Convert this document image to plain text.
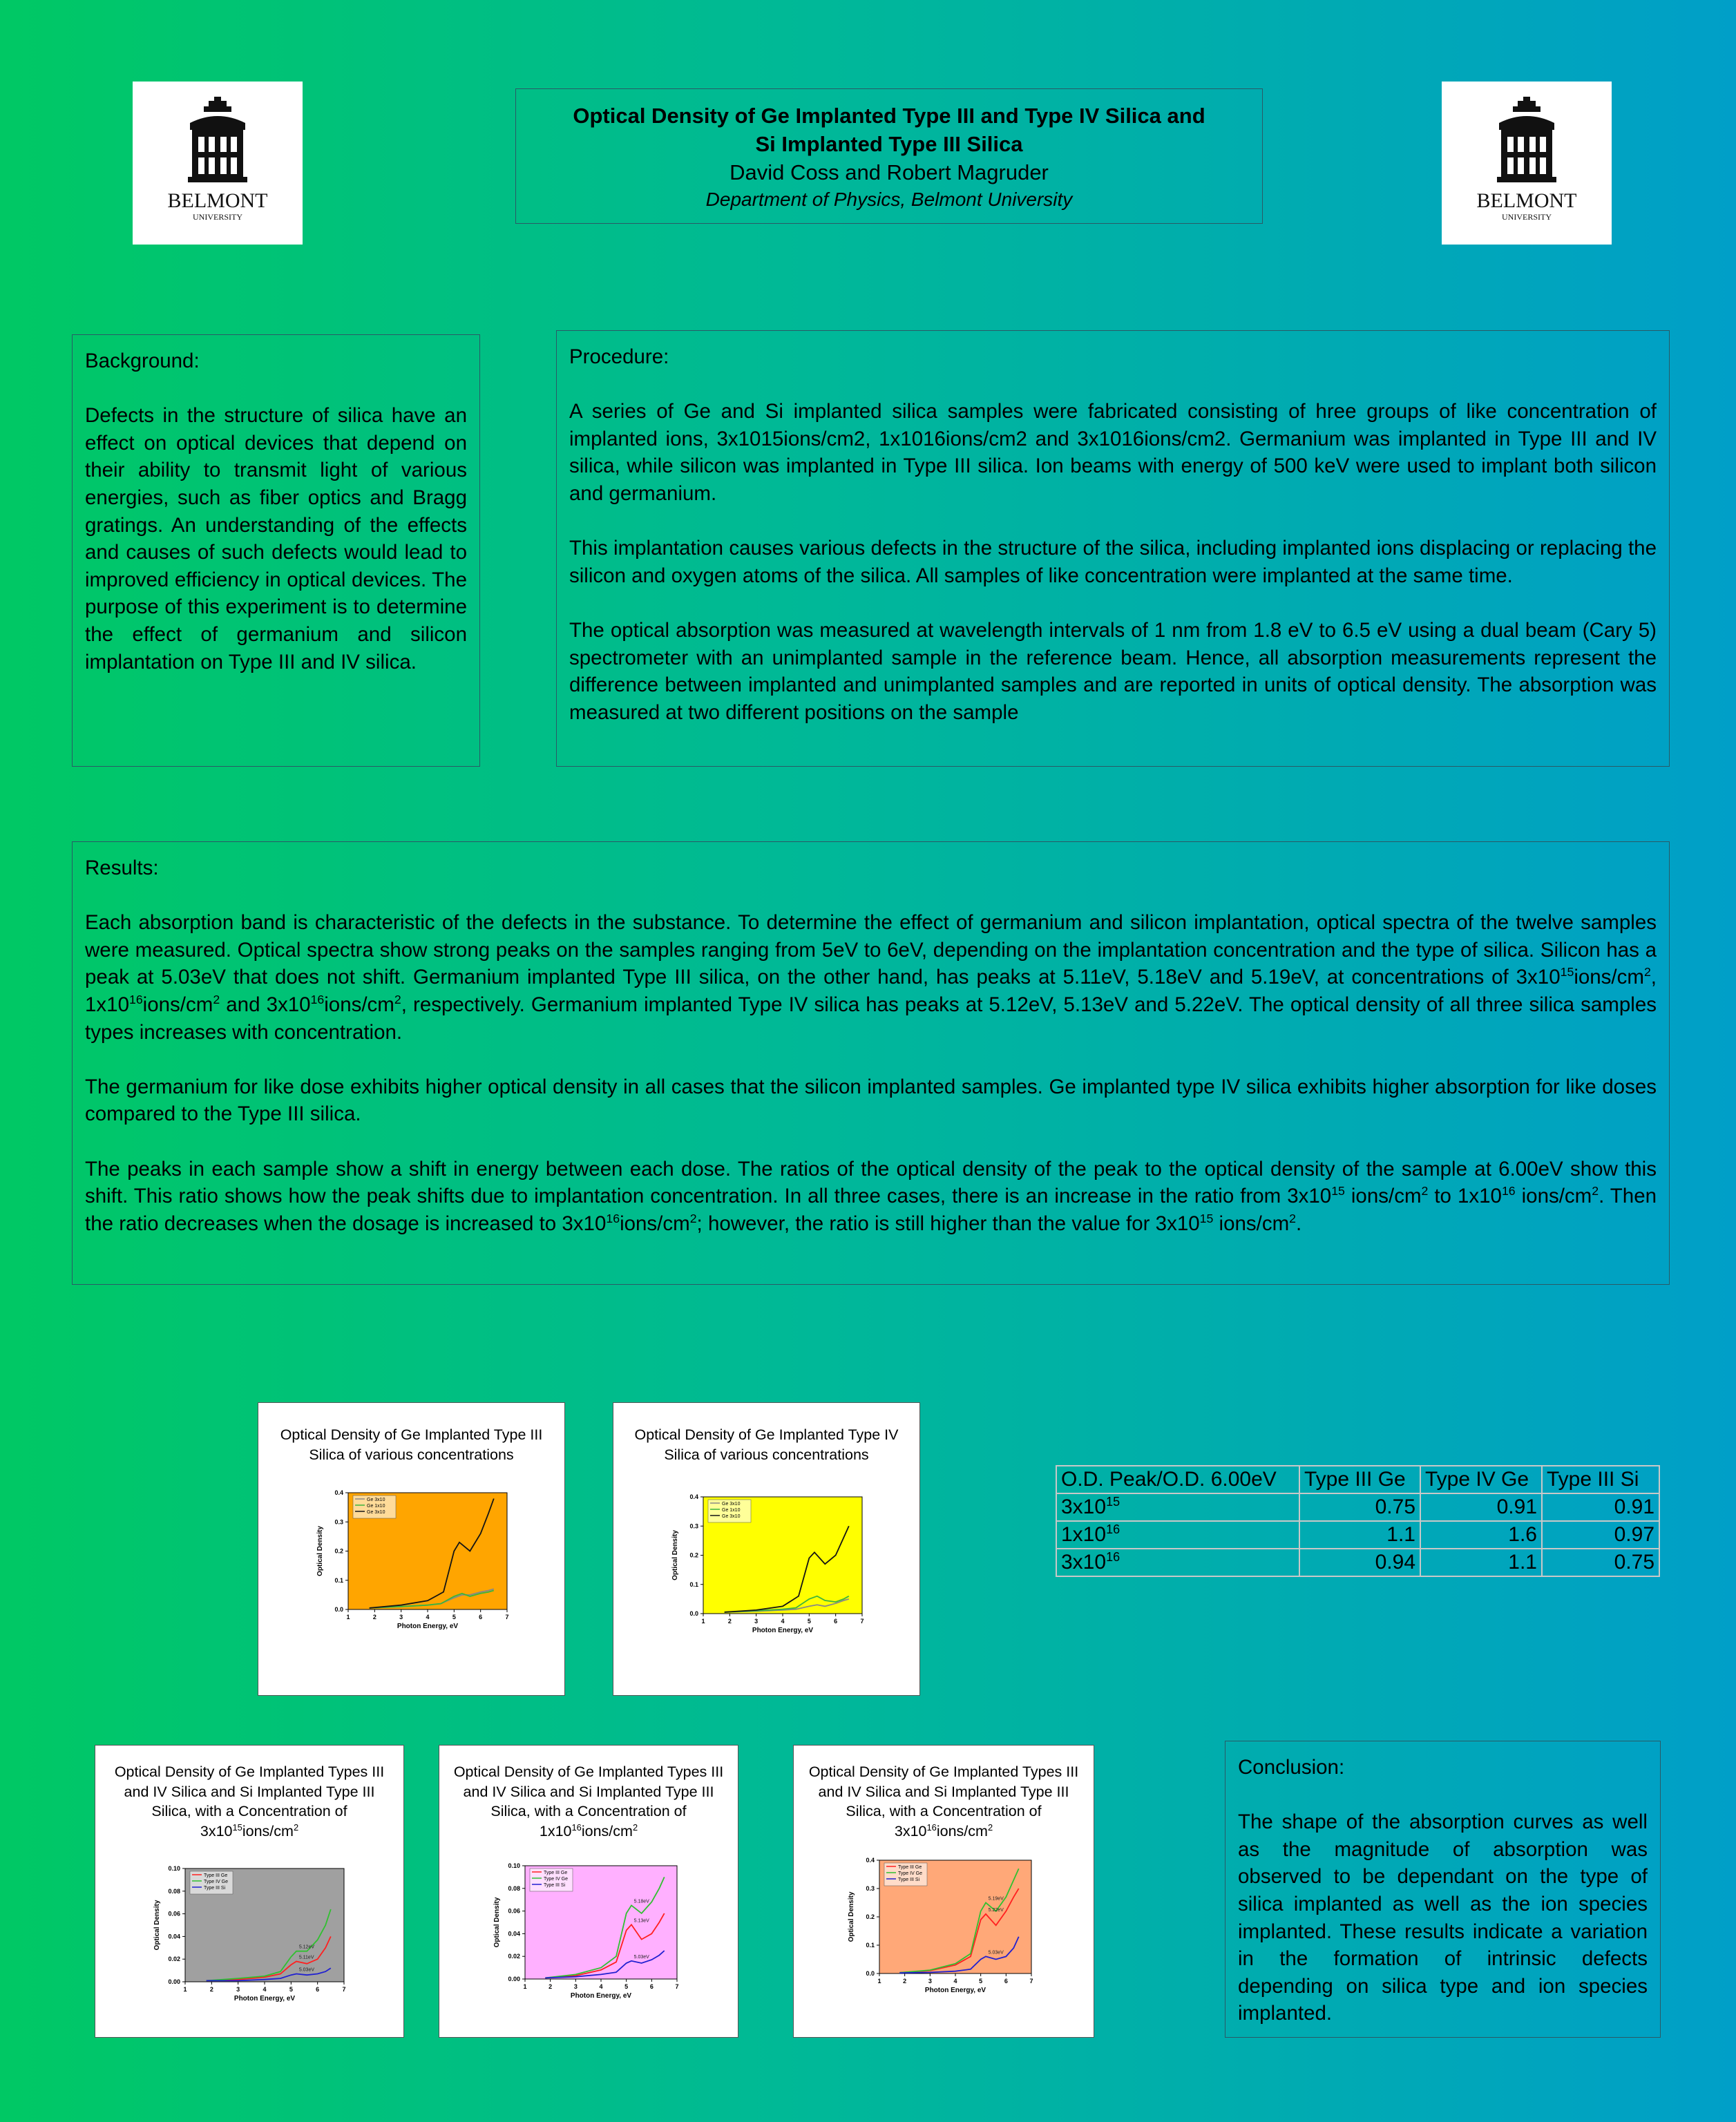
BELMONT
UNIVERSITY
BELMONT
UNIVERSITY
Optical Density of Ge Implanted Type III and Type IV Silica and
Si Implanted Type III Silica
David Coss and Robert Magruder
Department of Physics, Belmont University

Background:

Defects in the structure of silica have an effect on optical devices that depend on their ability to transmit light of various energies, such as fiber optics and Bragg gratings. An understanding of the effects and causes of such defects would lead to improved efficiency in optical devices. The purpose of this experiment is to determine the effect of germanium and silicon implantation on Type III and IV silica.

Procedure:

A series of Ge and Si implanted silica samples were fabricated consisting of hree groups of like concentration of implanted ions, 3x1015ions/cm2, 1x1016ions/cm2 and 3x1016ions/cm2. Germanium was implanted in Type III and IV silica, while silicon was implanted in Type III silica. Ion beams with energy of 500 keV were used to implant both silicon and germanium.

This implantation causes various defects in the structure of the silica, including implanted ions displacing or replacing the silicon and oxygen atoms of the silica. All samples of like concentration were implanted at the same time.

The optical absorption was measured at wavelength intervals of 1 nm from 1.8 eV to 6.5 eV using a dual beam (Cary 5) spectrometer with an unimplanted sample in the reference beam. Hence, all absorption measurements represent the difference between implanted and unimplanted samples and are reported in units of optical density. The absorption was measured at two different positions on the sample

Results:

Each absorption band is characteristic of the defects in the substance. To determine the effect of germanium and silicon implantation, optical spectra of the twelve samples were measured. Optical spectra show strong peaks on the samples ranging from 5eV to 6eV, depending on the implantation concentration and the type of silica. Silicon has a peak at 5.03eV that does not shift. Germanium implanted Type III silica, on the other hand, has peaks at 5.11eV, 5.18eV and 5.19eV, at concentrations of $3x10^{15}ions/cm^2$, $1x10^{16}ions/cm^2$ and $3x10^{16}ions/cm^2$, respectively. Germanium implanted Type IV silica has peaks at 5.12eV, 5.13eV and 5.22eV. The optical density of all three silica samples types increases with concentration.

The germanium for like dose exhibits higher optical density in all cases that the silicon implanted samples. Ge implanted type IV silica exhibits higher absorption for like doses compared to the Type III silica.

The peaks in each sample show a shift in energy between each dose. The ratios of the optical density of the peak to the optical density of the sample at 6.00eV show this shift. This ratio shows how the peak shifts due to implantation concentration. In all three cases, there is an increase in the ratio from $3x10^{15}$ ions/$cm^2$ to $1x10^{16}$ ions/$cm^2$. Then the ratio decreases when the dosage is increased to $3x10^{16}ions/cm^2$; however, the ratio is still higher than the value for $3x10^{15}$ ions/$cm^2$.

Optical Density of Ge Implanted Type III
Silica of various concentrations
0.0
0.1
0.2
0.3
0.4
1	2	3	4	5	6	7
Photon Energy, eV
Optical Density
Ge 3x10
Ge 1x10
Ge 3x10
Optical Density of Ge Implanted Type IV
Silica of various concentrations
0.0
0.1
0.2
0.3
0.4
1	2	3	4	5	6	7
Photon Energy, eV
Optical Density
Ge 3x10
Ge 1x10
Ge 3x10
Optical Density of Ge Implanted Types III
and IV Silica and Si Implanted Type III
Silica, with a Concentration of
$3x10^{15}ions/cm^2$
0.00
0.02
0.04
0.06
0.08
0.10
1	2	3	4	5	6	7
Photon Energy, eV
Optical Density
Type III Ge
Type IV Ge
Type III Si
5.11eV
5.12eV
5.03eV
Optical Density of Ge Implanted Types III
and IV Silica and Si Implanted Type III
Silica, with a Concentration of
$1x10^{16}ions/cm^2$
0.00
0.02
0.04
0.06
0.08
0.10
1	2	3	4	5	6	7
Photon Energy, eV
Optical Density
Type III Ge
Type IV Ge
Type III Si
5.13eV
5.18eV
5.03eV
Optical Density of Ge Implanted Types III
and IV Silica and Si Implanted Type III
Silica, with a Concentration of
$3x10^{16}ions/cm^2$
0.0
0.1
0.2
0.3
0.4
1	2	3	4	5	6	7
Photon Energy, eV
Optical Density
Type III Ge
Type IV Ge
Type III Si
5.22eV
5.19eV
5.03eV
O.D. Peak/O.D. 6.00eV	Type III Ge	Type IV Ge	Type III Si
$3x10^{15}$	0.75	0.91	0.91
$1x10^{16}$	1.1	1.6	0.97
$3x10^{16}$	0.94	1.1	0.75

Conclusion:

The shape of the absorption curves as well as the magnitude of absorption was observed to be dependant on the type of silica implanted as well as the ion species implanted. These results indicate a variation in the formation of intrinsic defects depending on silica type and ion species implanted.
